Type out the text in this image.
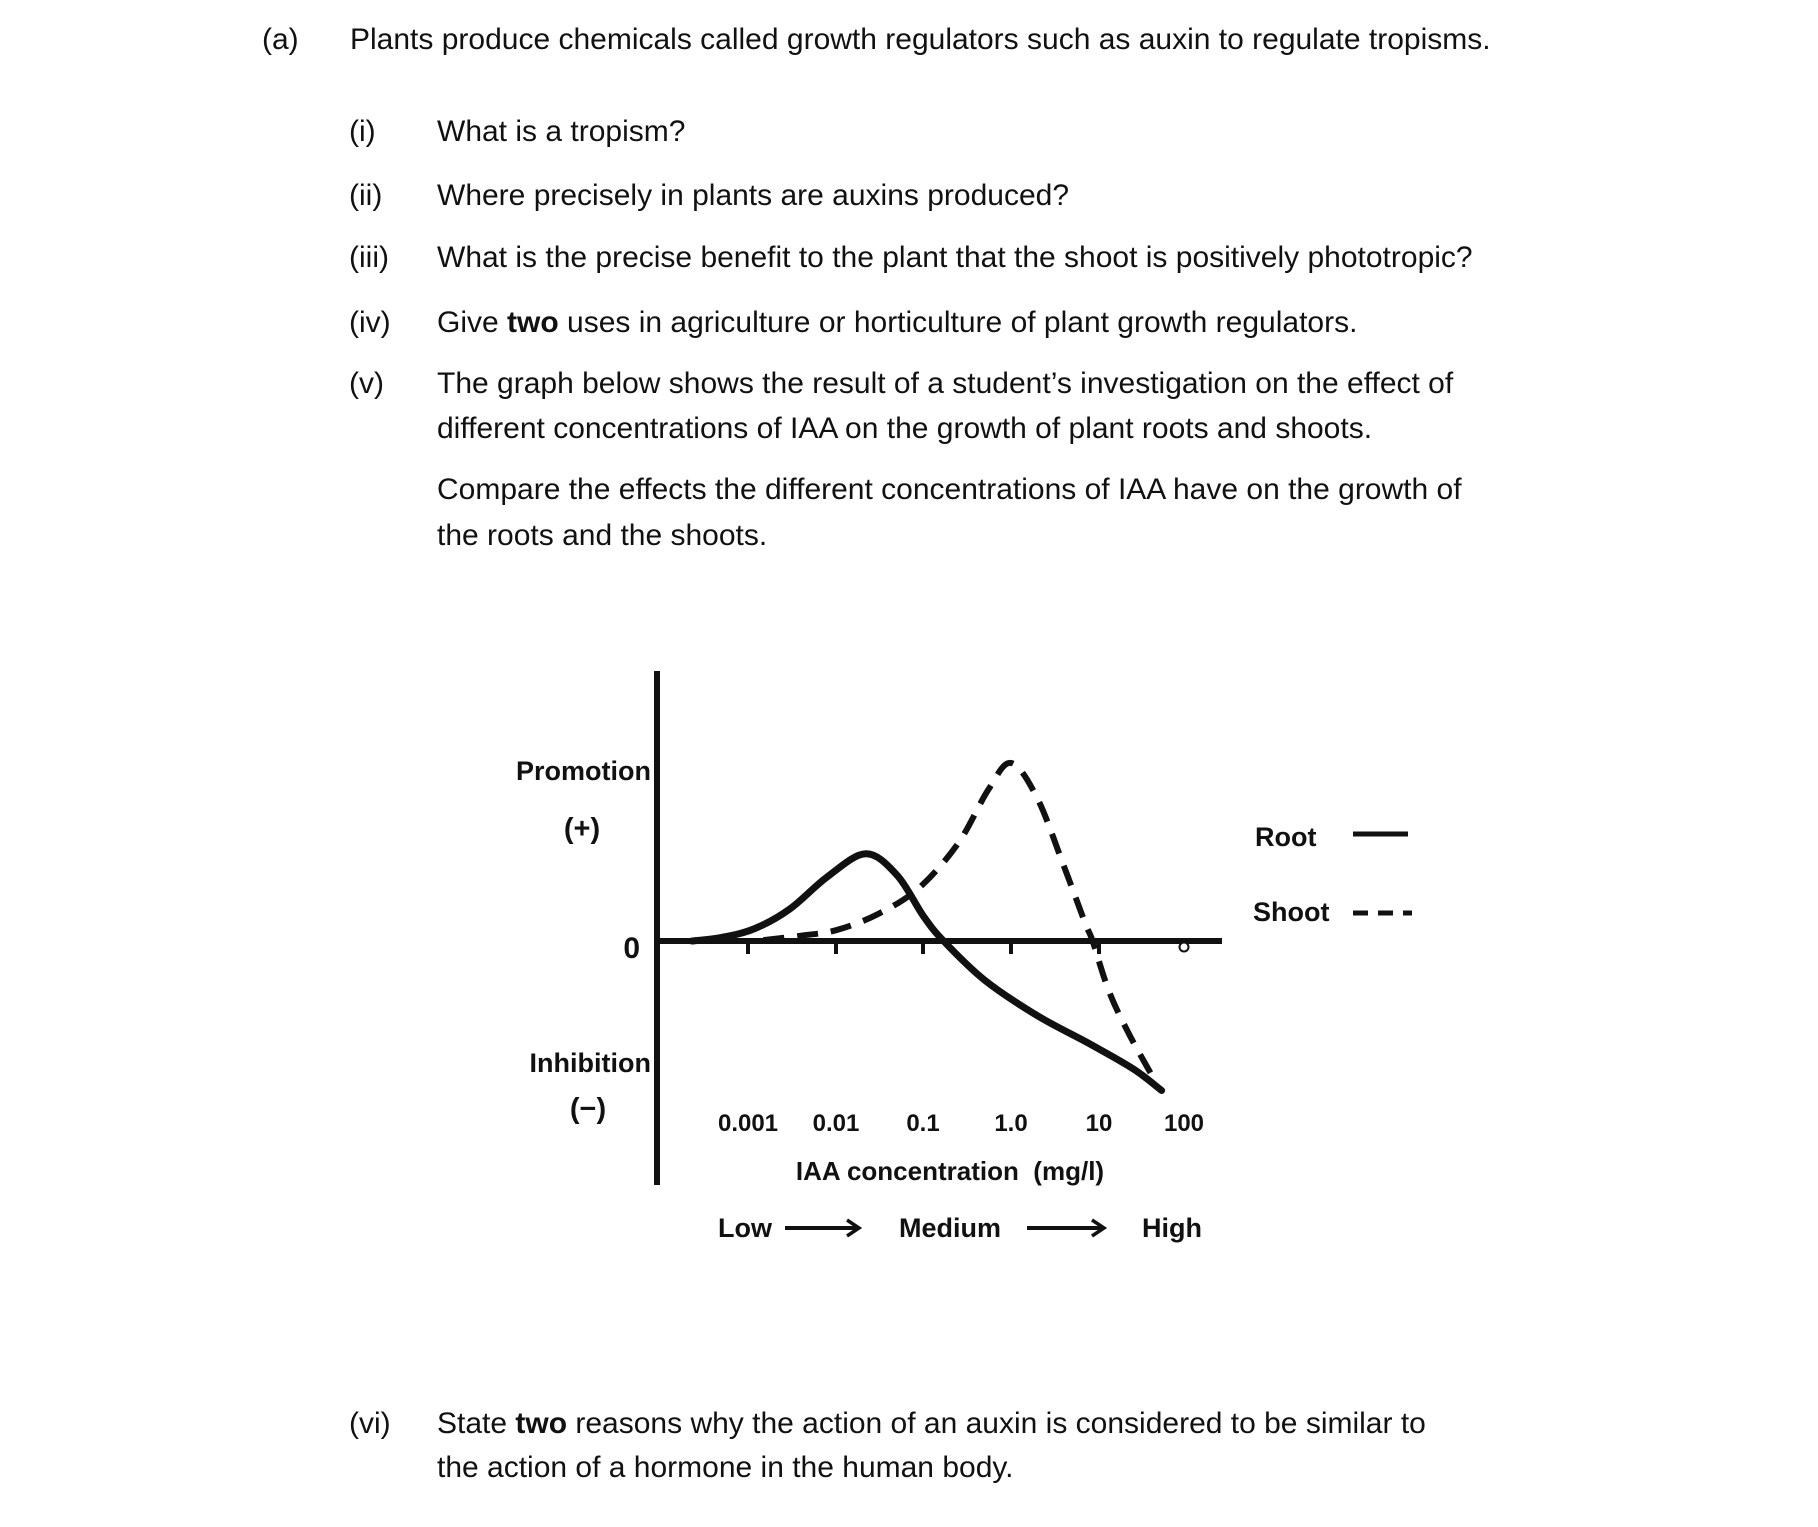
(a)	Plants produce chemicals called growth regulators such as auxin to regulate tropisms.
(i)	What is a tropism?
(ii)	Where precisely in plants are auxins produced?
(iii)	What is the precise benefit to the plant that the shoot is positively phototropic?
(iv)	Give two uses in agriculture or horticulture of plant growth regulators.
(v)	The graph below shows the result of a student’s investigation on the effect of
different concentrations of IAA on the growth of plant roots and shoots.
Compare the effects the different concentrations of IAA have on the growth of
the roots and the shoots.
Promotion
(+)
0
Inhibition
(−)	0.001 0.01 0.1 1.0 10 100
IAA concentration  (mg/l)
Root
Shoot
Low	Medium	High
(vi)	State two reasons why the action of an auxin is considered to be similar to
the action of a hormone in the human body.
